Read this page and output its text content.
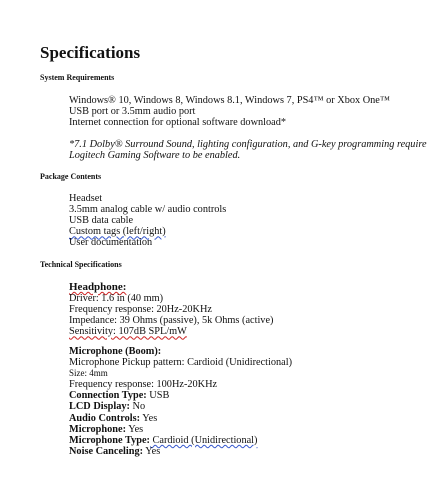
Specifications
System Requirements
Windows® 10, Windows 8, Windows 8.1, Windows 7, PS4™ or Xbox One™
USB port or 3.5mm audio port
Internet connection for optional software download*
*7.1 Dolby® Surround Sound, lighting configuration, and G-key programming require
Logitech Gaming Software to be enabled.
Package Contents
Headset
3.5mm analog cable w/ audio controls
USB data cable
Custom tags (left/right)
User documentation
Technical Specifications
Headphone:
Driver: 1.6 in (40 mm)
Frequency response: 20Hz-20KHz
Impedance: 39 Ohms (passive), 5k Ohms (active)
Sensitivity: 107dB SPL/mW
Microphone (Boom):
Microphone Pickup pattern: Cardioid (Unidirectional)
Size: 4mm
Frequency response: 100Hz-20KHz
Connection Type: USB
LCD Display: No
Audio Controls: Yes
Microphone: Yes
Microphone Type: Cardioid (Unidirectional)
Noise Canceling: Yes
